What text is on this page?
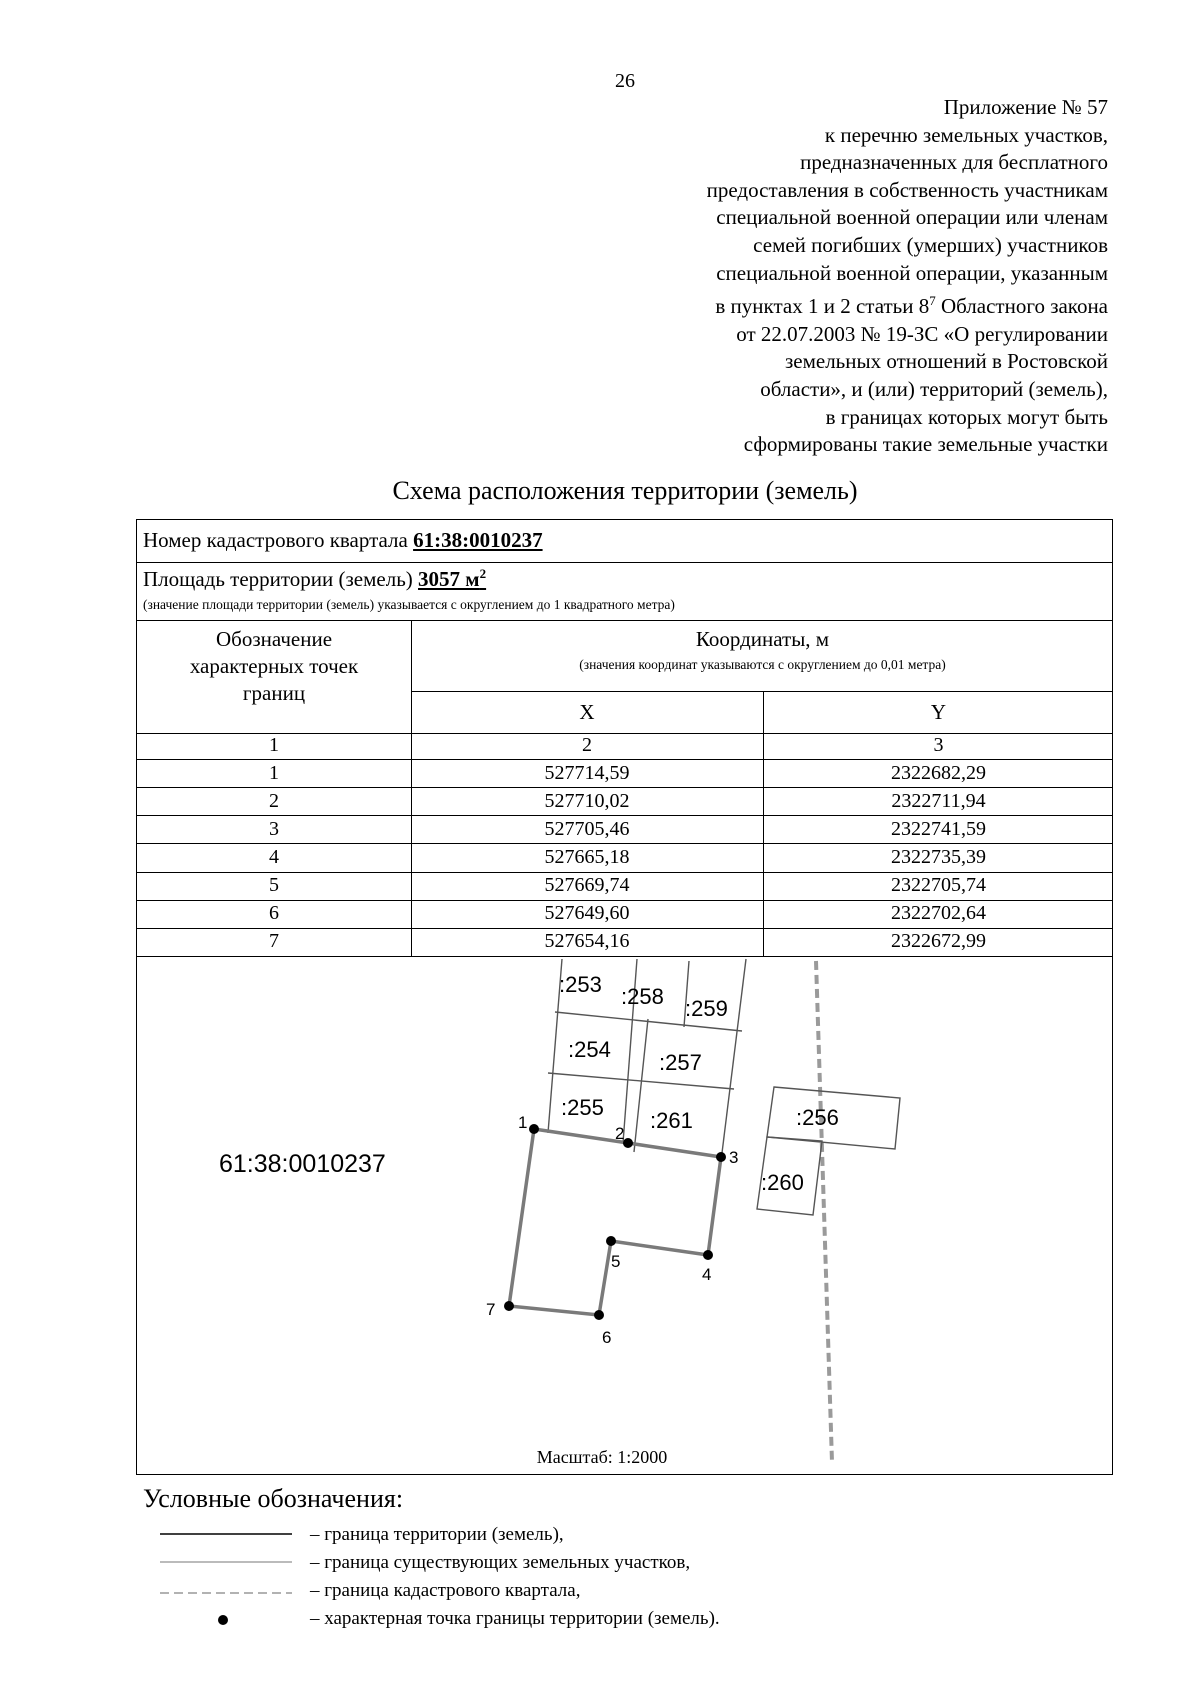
26
Приложение № 57
к перечню земельных участков,
предназначенных для бесплатного
предоставления в собственность участникам
специальной военной операции или членам
семей погибших (умерших) участников
специальной военной операции, указанным
в пунктах 1 и 2 статьи $8^7$ Областного закона
от 22.07.2003 № 19-ЗС «О регулировании
земельных отношений в Ростовской
области», и (или) территорий (земель),
в границах которых могут быть
сформированы такие земельные участки
Схема расположения территории (земель)
Номер кадастрового квартала 61:38:0010237
Площадь территории (земель) 3057 $м^2$
(значение площади территории (земель) указывается с округлением до 1 квадратного метра)
Обозначение
характерных точек
границ
Координаты, м
(значения координат указываются с округлением до 0,01 метра)
X	Y
1	2	3
1	527714,59	2322682,29
2	527710,02	2322711,94
3	527705,46	2322741,59
4	527665,18	2322735,39
5	527669,74	2322705,74
6	527649,60	2322702,64
7	527654,16	2322672,99
1
2
3
4
5
6
7
:253 :258 :259
:254
:257
:255
:261	:256
:260
61:38:0010237
Масштаб: 1:2000
Условные обозначения:
– граница территории (земель),
– граница существующих земельных участков,
– граница кадастрового квартала,
– характерная точка границы территории (земель).
